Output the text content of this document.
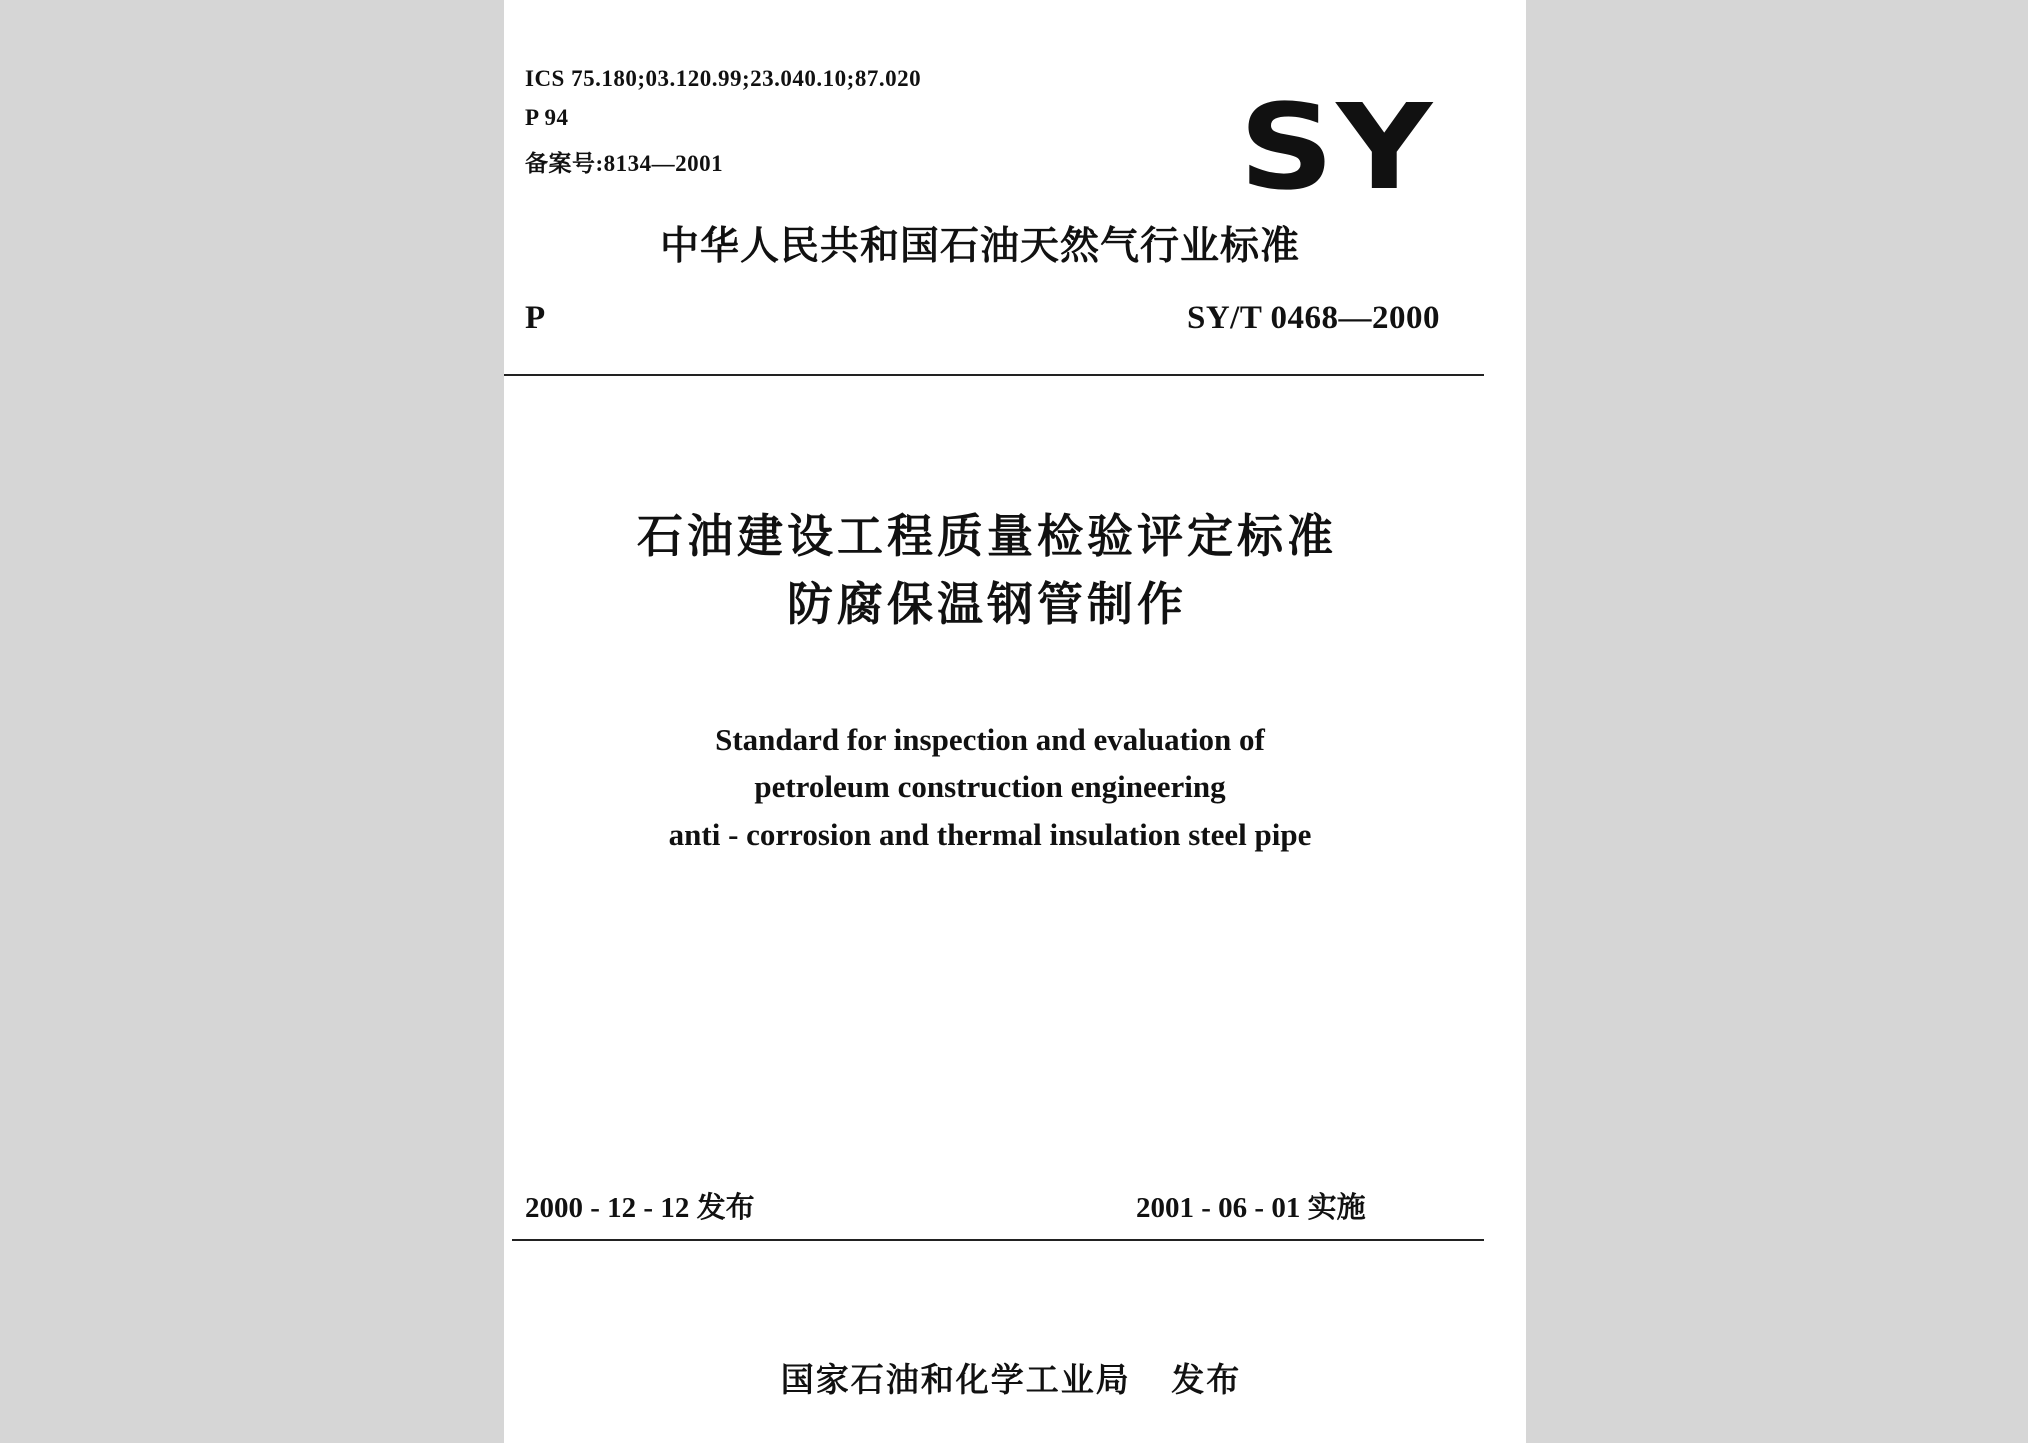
ICS 75.180;03.120.99;23.040.10;87.020
P 94
备案号:8134—2001	SY
中华人民共和国石油天然气行业标准
P	SY/T 0468—2000
石油建设工程质量检验评定标准
防腐保温钢管制作
Standard for inspection and evaluation of
petroleum construction engineering
anti - corrosion and thermal insulation steel pipe
2000 - 12 - 12 发布	2001 - 06 - 01 实施

国家石油和化学工业局   发布
